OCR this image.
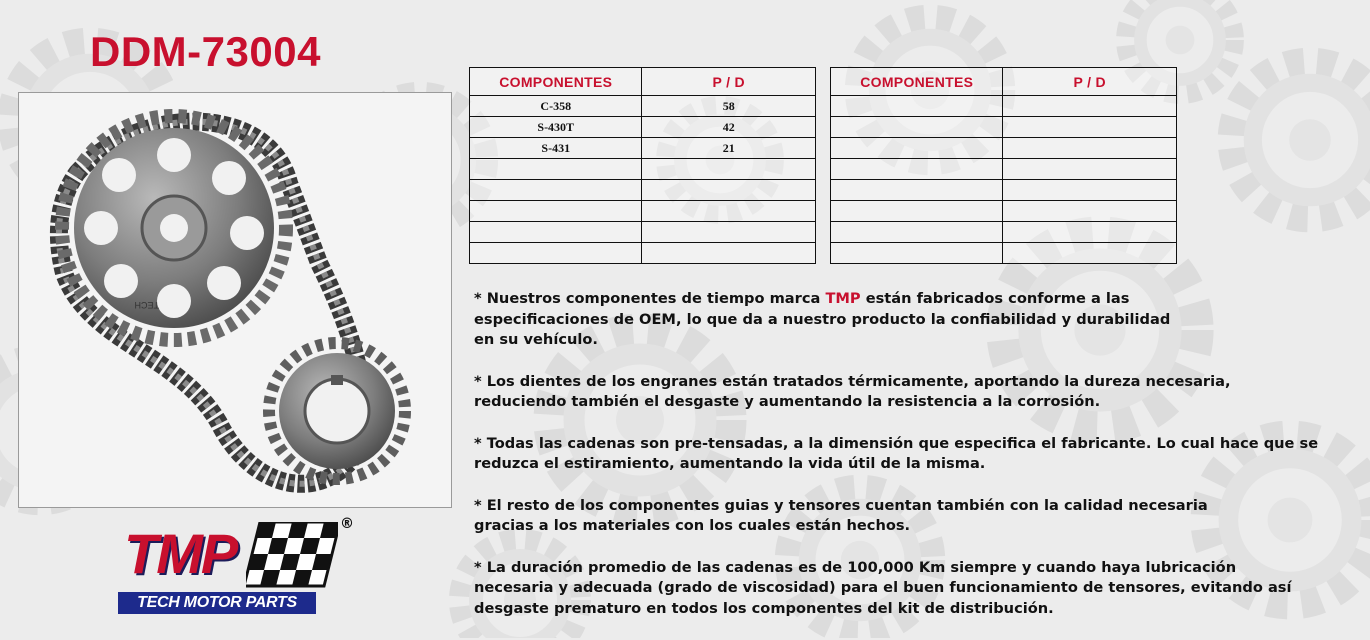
DDM-73004
TECH
COMPONENTES	P / D
C-358	58
S-430T	42
S-431	21

COMPONENTES	P / D

* Nuestros componentes de tiempo marca TMP están fabricados conforme a las
especificaciones de OEM, lo que da a nuestro producto la confiabilidad y durabilidad
en su vehículo.

* Los dientes de los engranes están tratados térmicamente, aportando la dureza necesaria,
reduciendo también el desgaste y aumentando la resistencia a la corrosión.

* Todas las cadenas son pre-tensadas, a la dimensión que especifica el fabricante. Lo cual hace que se
reduzca el estiramiento, aumentando la vida útil de la misma.

* El resto de los componentes guias y tensores cuentan también con la calidad necesaria
gracias a los materiales con los cuales están hechos.

* La duración promedio de las cadenas es de 100,000 Km siempre y cuando haya lubricación
necesaria y adecuada (grado de viscosidad) para el buen funcionamiento de tensores, evitando así
desgaste prematuro en todos los componentes del kit de distribución.

TMP	®
TECH MOTOR PARTS
